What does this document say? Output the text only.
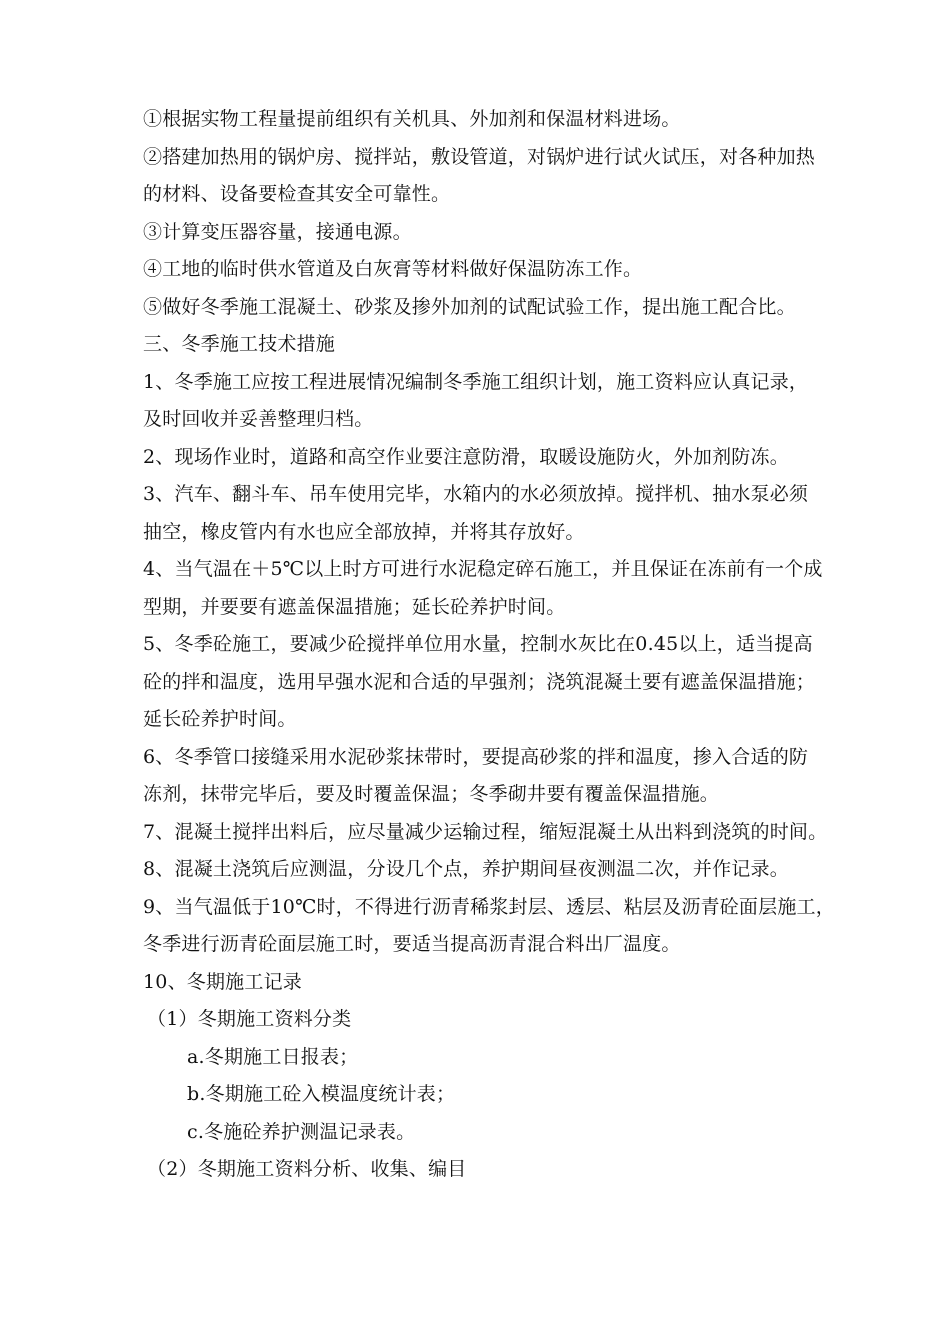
①根据实物工程量提前组织有关机具、外加剂和保温材料进场。
②搭建加热用的锅炉房、搅拌站，敷设管道，对锅炉进行试火试压，对各种加热
的材料、设备要检查其安全可靠性。
③计算变压器容量，接通电源。
④工地的临时供水管道及白灰膏等材料做好保温防冻工作。
⑤做好冬季施工混凝土、砂浆及掺外加剂的试配试验工作，提出施工配合比。
三、冬季施工技术措施
1、冬季施工应按工程进展情况编制冬季施工组织计划，施工资料应认真记录，
及时回收并妥善整理归档。
2、现场作业时，道路和高空作业要注意防滑，取暖设施防火，外加剂防冻。
3、汽车、翻斗车、吊车使用完毕，水箱内的水必须放掉。搅拌机、抽水泵必须
抽空，橡皮管内有水也应全部放掉，并将其存放好。
4、当气温在＋5℃以上时方可进行水泥稳定碎石施工，并且保证在冻前有一个成
型期，并要要有遮盖保温措施；延长砼养护时间。
5、冬季砼施工，要减少砼搅拌单位用水量，控制水灰比在0.45以上，适当提高
砼的拌和温度，选用早强水泥和合适的早强剂；浇筑混凝土要有遮盖保温措施；
延长砼养护时间。
6、冬季管口接缝采用水泥砂浆抹带时，要提高砂浆的拌和温度，掺入合适的防
冻剂，抹带完毕后，要及时覆盖保温；冬季砌井要有覆盖保温措施。
7、混凝土搅拌出料后，应尽量减少运输过程，缩短混凝土从出料到浇筑的时间。
8、混凝土浇筑后应测温，分设几个点，养护期间昼夜测温二次，并作记录。
9、当气温低于10℃时，不得进行沥青稀浆封层、透层、粘层及沥青砼面层施工，
冬季进行沥青砼面层施工时，要适当提高沥青混合料出厂温度。
10、冬期施工记录
（1）冬期施工资料分类
a.冬期施工日报表；
b.冬期施工砼入模温度统计表；
c.冬施砼养护测温记录表。
（2）冬期施工资料分析、收集、编目
